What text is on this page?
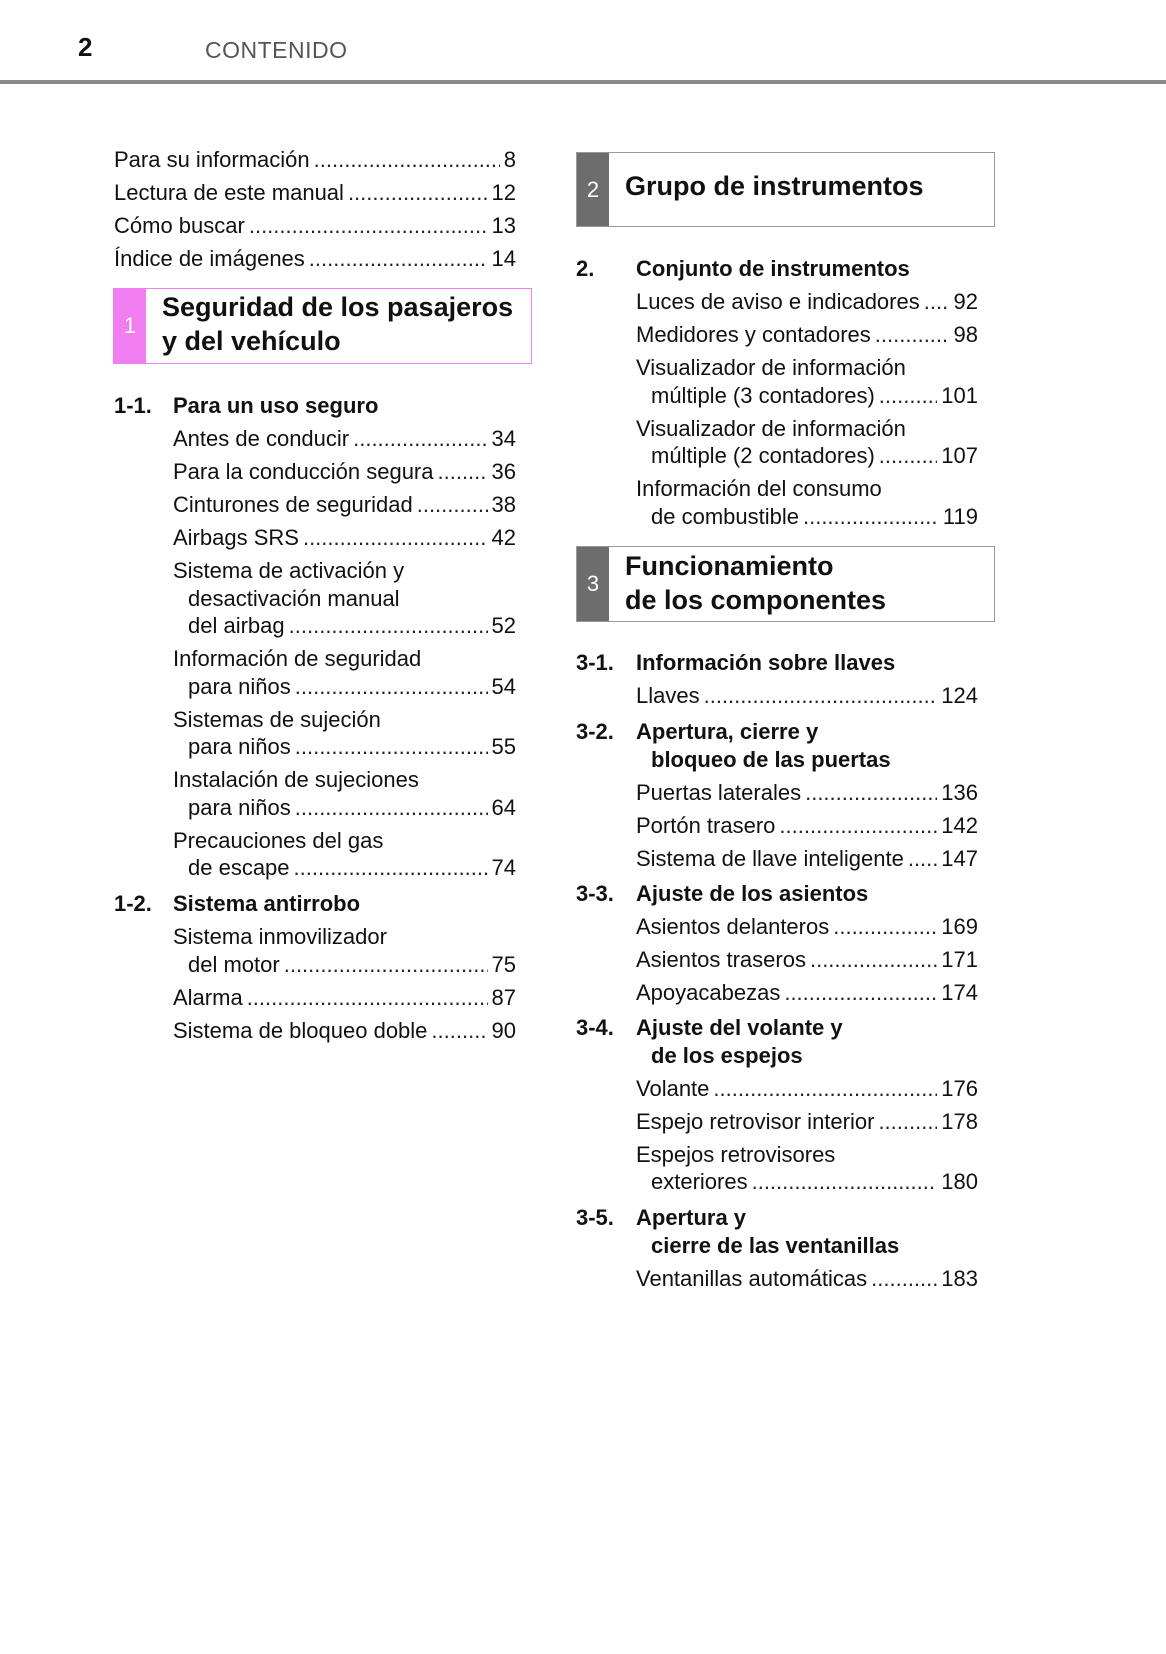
2	CONTENIDO
Para su información .....	8
Lectura de este manual .....	12
Cómo buscar .....	13
Índice de imágenes .....	14
1
Seguridad de los pasajeros
y del vehículo
1-1. Para un uso seguro
Antes de conducir .....	34
Para la conducción segura .....	36
Cinturones de seguridad .....	38
Airbags SRS .....	42
Sistema de activación y
desactivación manual
del airbag .....	52
Información de seguridad
para niños .....	54
Sistemas de sujeción
para niños .....	55
Instalación de sujeciones
para niños .....	64
Precauciones del gas
de escape .....	74
1-2. Sistema antirrobo
Sistema inmovilizador
del motor .....	75
Alarma .....	87
Sistema de bloqueo doble .....	90
2 Grupo de instrumentos
2. Conjunto de instrumentos
Luces de aviso e indicadores ..... 92
Medidores y contadores .....	98
Visualizador de información
múltiple (3 contadores) .....	101
Visualizador de información
múltiple (2 contadores) .....	107
Información del consumo
de combustible .....	119
3
Funcionamiento
de los componentes
3-1. Información sobre llaves
Llaves .....	124
3-2. Apertura, cierre y
bloqueo de las puertas
Puertas laterales .....	136
Portón trasero .....	142
Sistema de llave inteligente ..... 147
3-3. Ajuste de los asientos
Asientos delanteros .....	169
Asientos traseros .....	171
Apoyacabezas .....	174
3-4. Ajuste del volante y
de los espejos
Volante .....	176
Espejo retrovisor interior .....	178
Espejos retrovisores
exteriores .....	180
3-5. Apertura y
cierre de las ventanillas
Ventanillas automáticas .....	183
